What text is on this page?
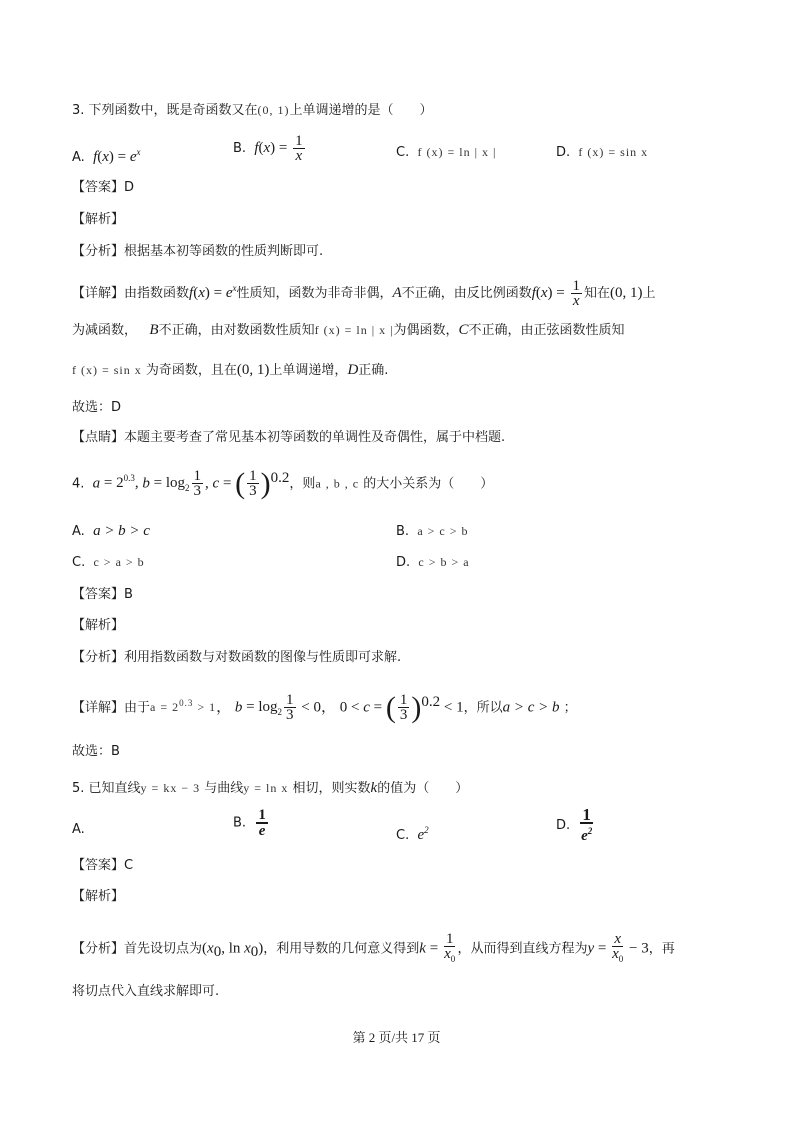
3. 下列函数中，既是奇函数又在(0, 1)上单调递增的是（　　）
A. $f(x) = e^x$	B. $f(x) = \frac{1}{x}$	C. f (x) = ln | x |	D. f (x) = sin x
【答案】D
【解析】
【分析】根据基本初等函数的性质判断即可.
【详解】由指数函数$f(x) = e^x$性质知，函数为非奇非偶，A不正确，由反比例函数$f(x) = \frac{1}{x}$ 知在(0, 1)上
为减函数， B不正确，由对数函数性质知f (x) = ln | x |为偶函数，C不正确，由正弦函数性质知
f (x) = sin x 为奇函数，且在(0, 1)上单调递增，D正确.
故选：D
【点睛】本题主要考查了常见基本初等函数的单调性及奇偶性，属于中档题.
4. $a = 2^{0.3}$, $b = \log_2 \frac{1}{3}$ , c = ( $\frac{1}{3} )^{0.2}$，则a , b , c 的大小关系为（　　）
A. a > b > c	B. a > c > b
C. c > a > b	D. c > b > a
【答案】B
【解析】
【分析】利用指数函数与对数函数的图像与性质即可求解.
【详解】由于$a = 2^{0.3} > 1$， $b = \log_2 \frac{1}{3} < 0$， 0 < c = ( $\frac{1}{3} )^{0.2} < 1$，所以a > c > b ；
故选：B
5. 已知直线y = kx − 3 与曲线y = ln x 相切，则实数k的值为（　　）
A.	B. $\frac{1}{e}$	C. $e^2$	D. $\frac{1}{e^2}$
【答案】C
【解析】
【分析】首先设切点为($x_0$, $\ln x_0$)，利用导数的几何意义得到$k = \frac{1}{x_0}$ ，从而得到直线方程为$y = \frac{x}{x_0} - 3$，再
将切点代入直线求解即可.
第 2 页/共 17 页
